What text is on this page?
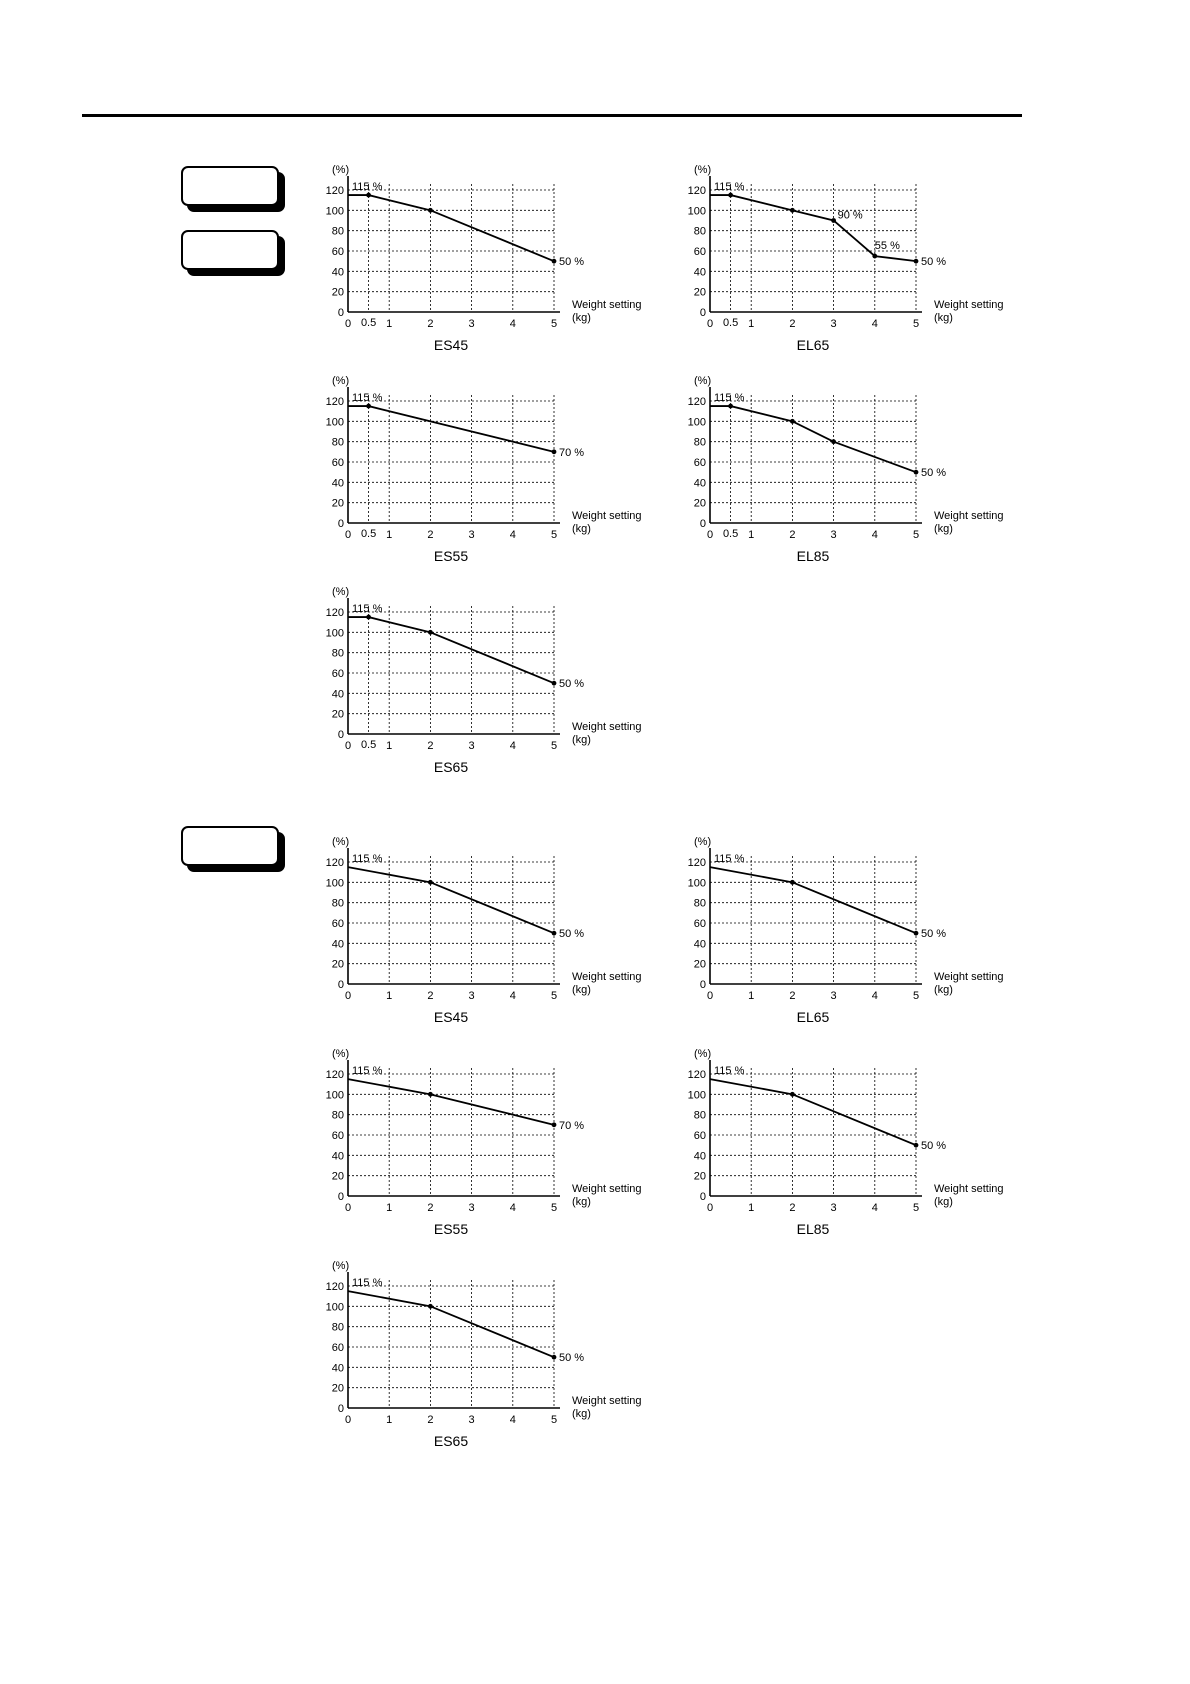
0
20
40
60
80
100
120
0	1	2	3	4	5
0.5
(%)
Weight setting
(kg)
115 %
50 %
ES45
0
20
40
60
80
100
120
0	1	2	3	4	5
0.5
(%)
Weight setting
(kg)
115 %
90 %
55 %
50 %
EL65
0
20
40
60
80
100
120
0	1	2	3	4	5
0.5
(%)
Weight setting
(kg)
115 %
70 %
ES55
0
20
40
60
80
100
120
0	1	2	3	4	5
0.5
(%)
Weight setting
(kg)
115 %
50 %
EL85
0
20
40
60
80
100
120
0	1	2	3	4	5
0.5
(%)
Weight setting
(kg)
115 %
50 %
ES65
0
20
40
60
80
100
120
0	1	2	3	4	5
(%)
Weight setting
(kg)
115 %
50 %
ES45
0
20
40
60
80
100
120
0	1	2	3	4	5
(%)
Weight setting
(kg)
115 %
50 %
EL65
0
20
40
60
80
100
120
0	1	2	3	4	5
(%)
Weight setting
(kg)
115 %
70 %
ES55
0
20
40
60
80
100
120
0	1	2	3	4	5
(%)
Weight setting
(kg)
115 %
50 %
EL85
0
20
40
60
80
100
120
0	1	2	3	4	5
(%)
Weight setting
(kg)
115 %
50 %
ES65
